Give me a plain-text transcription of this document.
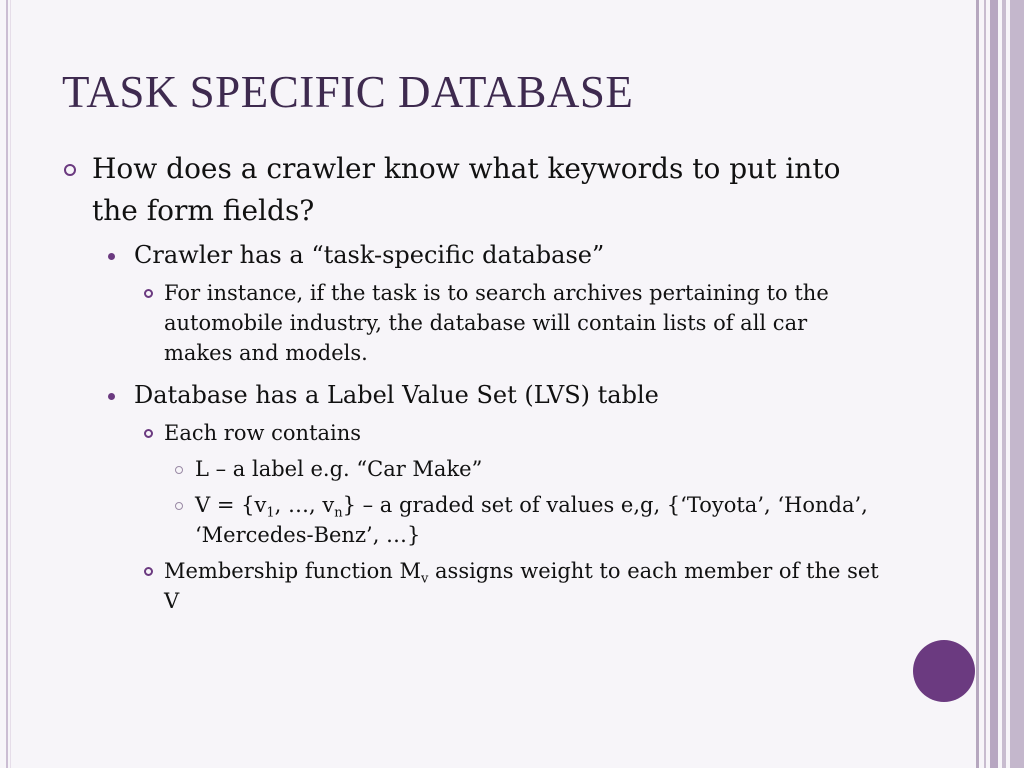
TASK SPECIFIC DATABASE
How does a crawler know what keywords to put into the form fields?
Crawler has a “task-specific database”
For instance, if the task is to search archives pertaining to the automobile industry, the database will contain lists of all car makes and models.
Database has a Label Value Set (LVS) table
Each row contains
L – a label e.g. “Car Make”
$V = \{v_1$, …, $v_n$} – a graded set of values e,g, {‘Toyota’, ‘Honda’, ‘Mercedes-Benz’, …}
Membership function $M_v$ assigns weight to each member of the set V
